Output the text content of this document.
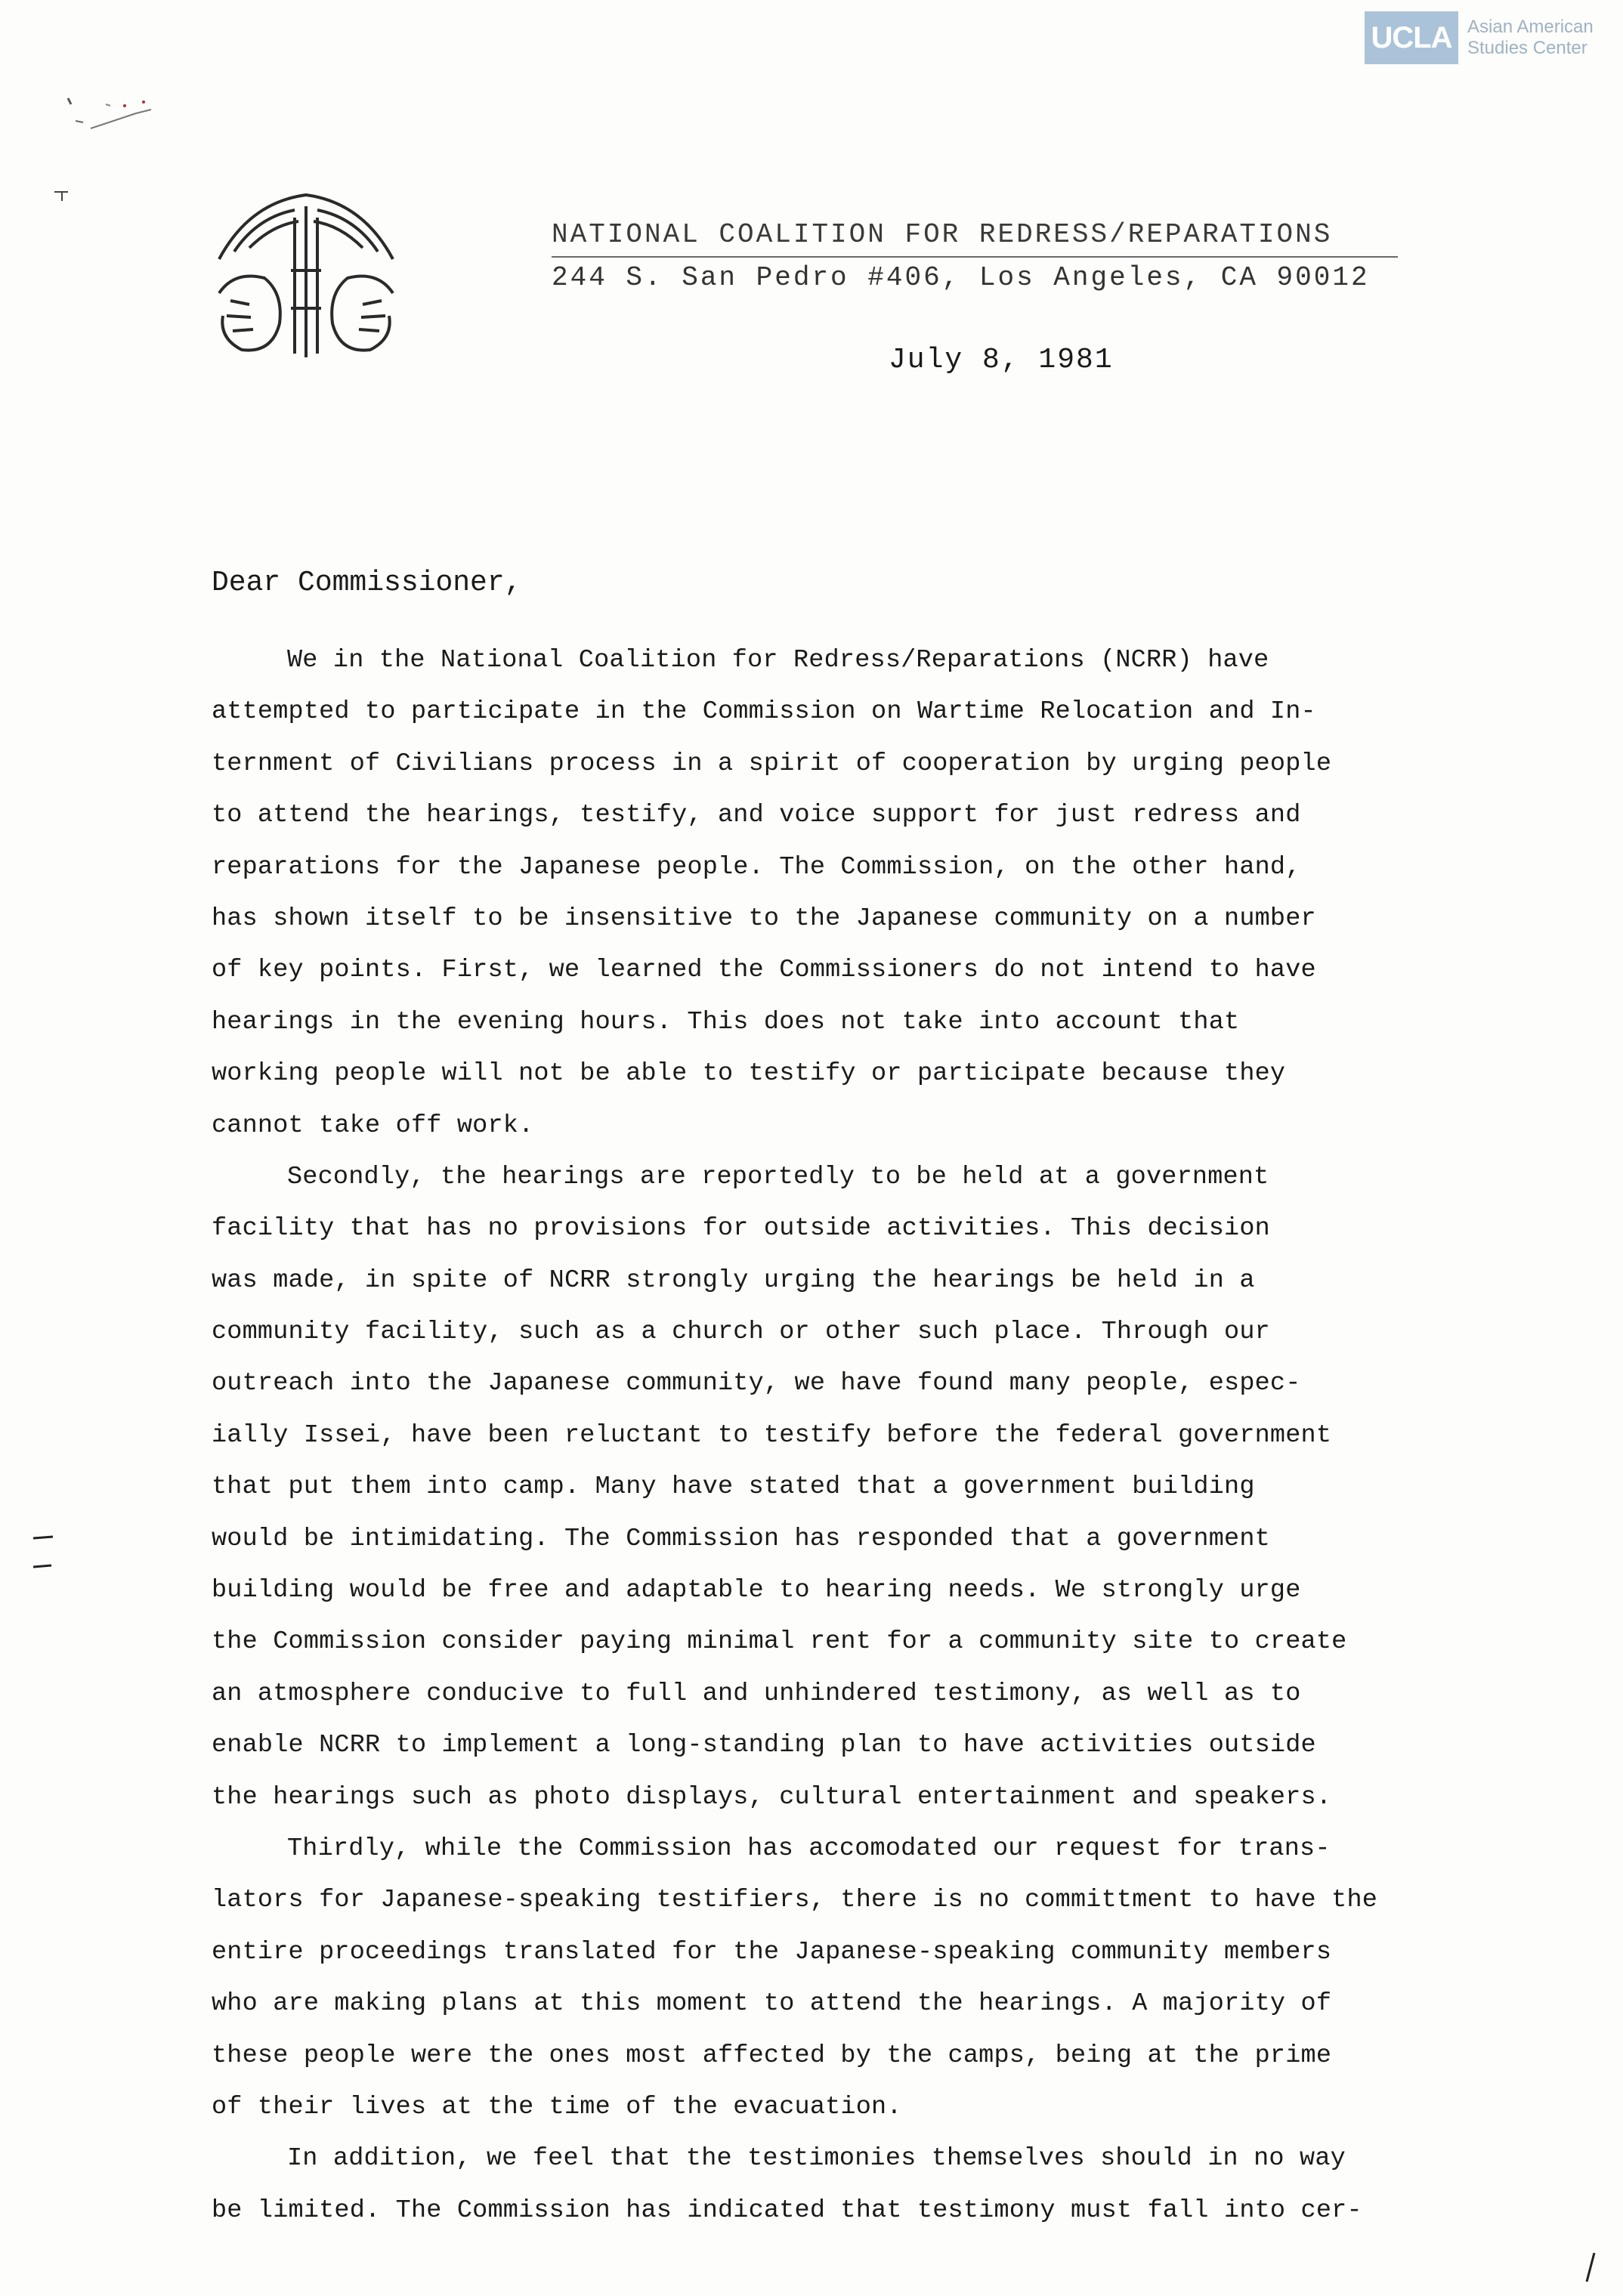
UCLA Asian American
Studies Center
NATIONAL COALITION FOR REDRESS/REPARATIONS
244 S. San Pedro #406, Los Angeles, CA 90012
July 8, 1981
Dear Commissioner,
We in the National Coalition for Redress/Reparations (NCRR) have
attempted to participate in the Commission on Wartime Relocation and In-
ternment of Civilians process in a spirit of cooperation by urging people
to attend the hearings, testify, and voice support for just redress and
reparations for the Japanese people. The Commission, on the other hand,
has shown itself to be insensitive to the Japanese community on a number
of key points. First, we learned the Commissioners do not intend to have
hearings in the evening hours. This does not take into account that
working people will not be able to testify or participate because they
cannot take off work.
Secondly, the hearings are reportedly to be held at a government
facility that has no provisions for outside activities. This decision
was made, in spite of NCRR strongly urging the hearings be held in a
community facility, such as a church or other such place. Through our
outreach into the Japanese community, we have found many people, espec-
ially Issei, have been reluctant to testify before the federal government
that put them into camp. Many have stated that a government building
would be intimidating. The Commission has responded that a government
building would be free and adaptable to hearing needs. We strongly urge
the Commission consider paying minimal rent for a community site to create
an atmosphere conducive to full and unhindered testimony, as well as to
enable NCRR to implement a long-standing plan to have activities outside
the hearings such as photo displays, cultural entertainment and speakers.
Thirdly, while the Commission has accomodated our request for trans-
lators for Japanese-speaking testifiers, there is no committment to have the
entire proceedings translated for the Japanese-speaking community members
who are making plans at this moment to attend the hearings. A majority of
these people were the ones most affected by the camps, being at the prime
of their lives at the time of the evacuation.
In addition, we feel that the testimonies themselves should in no way
be limited. The Commission has indicated that testimony must fall into cer-
